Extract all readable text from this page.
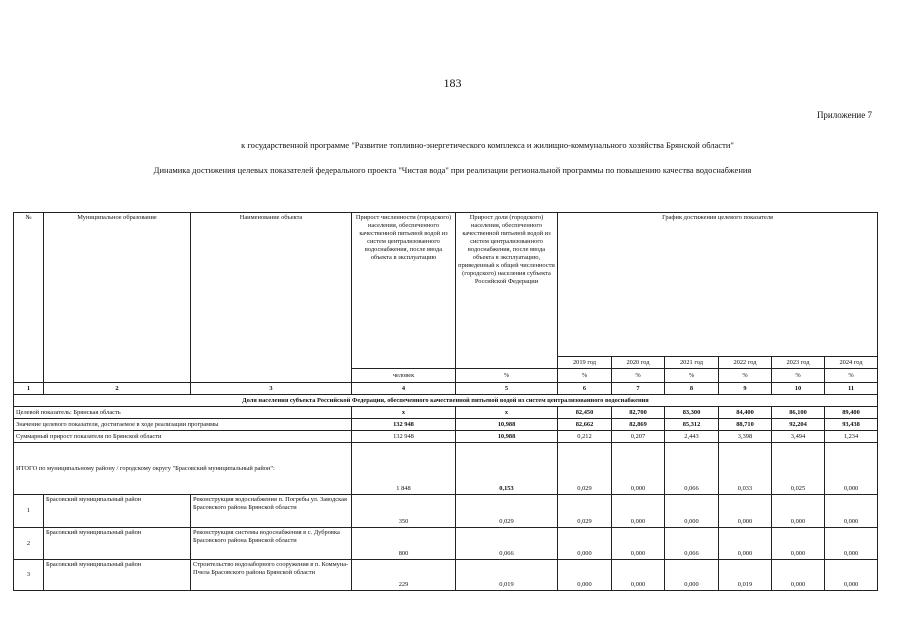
183
Приложение 7
к государственной программе "Развитие топливно-энергетического комплекса и жилищно-коммунального хозяйства Брянской области"
Динамика достижения целевых показателей федерального проекта "Чистая вода" при реализации региональной программы по повышению качества водоснабжения
№	Муниципальное образование	Наименование объекта	Прирост численности (городского) населения, обеспеченного качественной питьевой водой из систем централизованного водоснабжения, после ввода объекта в эксплуатацию	Прирост доли (городского) населения, обеспеченного качественной питьевой водой из систем централизованного водоснабжения, после ввода объекта в эксплуатацию, приведенный к общей численности (городского) населения субъекта Российской Федерации	График достижения целевого показателя					
					2019 год	2020 год	2021 год	2022 год	2023 год	2024 год
			человек	%	%	%	%	%	%	%
1	2	3	4	5	6	7	8	9	10	11
Доля населения субъекта Российской Федерации, обеспеченного качественной питьевой водой из систем централизованного водоснабжения										
Целевой показатель: Брянская область			x	x	82,450	82,700	83,300	84,400	86,100	89,400
Значение целевого показателя, достигаемое в ходе реализации программы			132 948	10,988	82,662	82,869	85,312	88,710	92,204	93,438
Суммарный прирост показателя по Брянской области			132 948	10,988	0,212	0,207	2,443	3,398	3,494	1,234
ИТОГО по муниципальному району / городскому округу "Брасовский муниципальный район":			1 848	0,153	0,029	0,000	0,066	0,033	0,025	0,000
1	Брасовский муниципальный район	Реконструкция водоснабжения п. Погребы ул. Заводская Брасовского района Брянской области	350	0,029	0,029	0,000	0,000	0,000	0,000	0,000
2	Брасовский муниципальный район	Реконструкция системы водоснабжения в с. Дубровка Брасовского района Брянской области	800	0,066	0,000	0,000	0,066	0,000	0,000	0,000
3	Брасовский муниципальный район	Строительство водозаборного сооружения в п. Коммуна-Пчела Брасовского района Брянской области	229	0,019	0,000	0,000	0,000	0,019	0,000	0,000
